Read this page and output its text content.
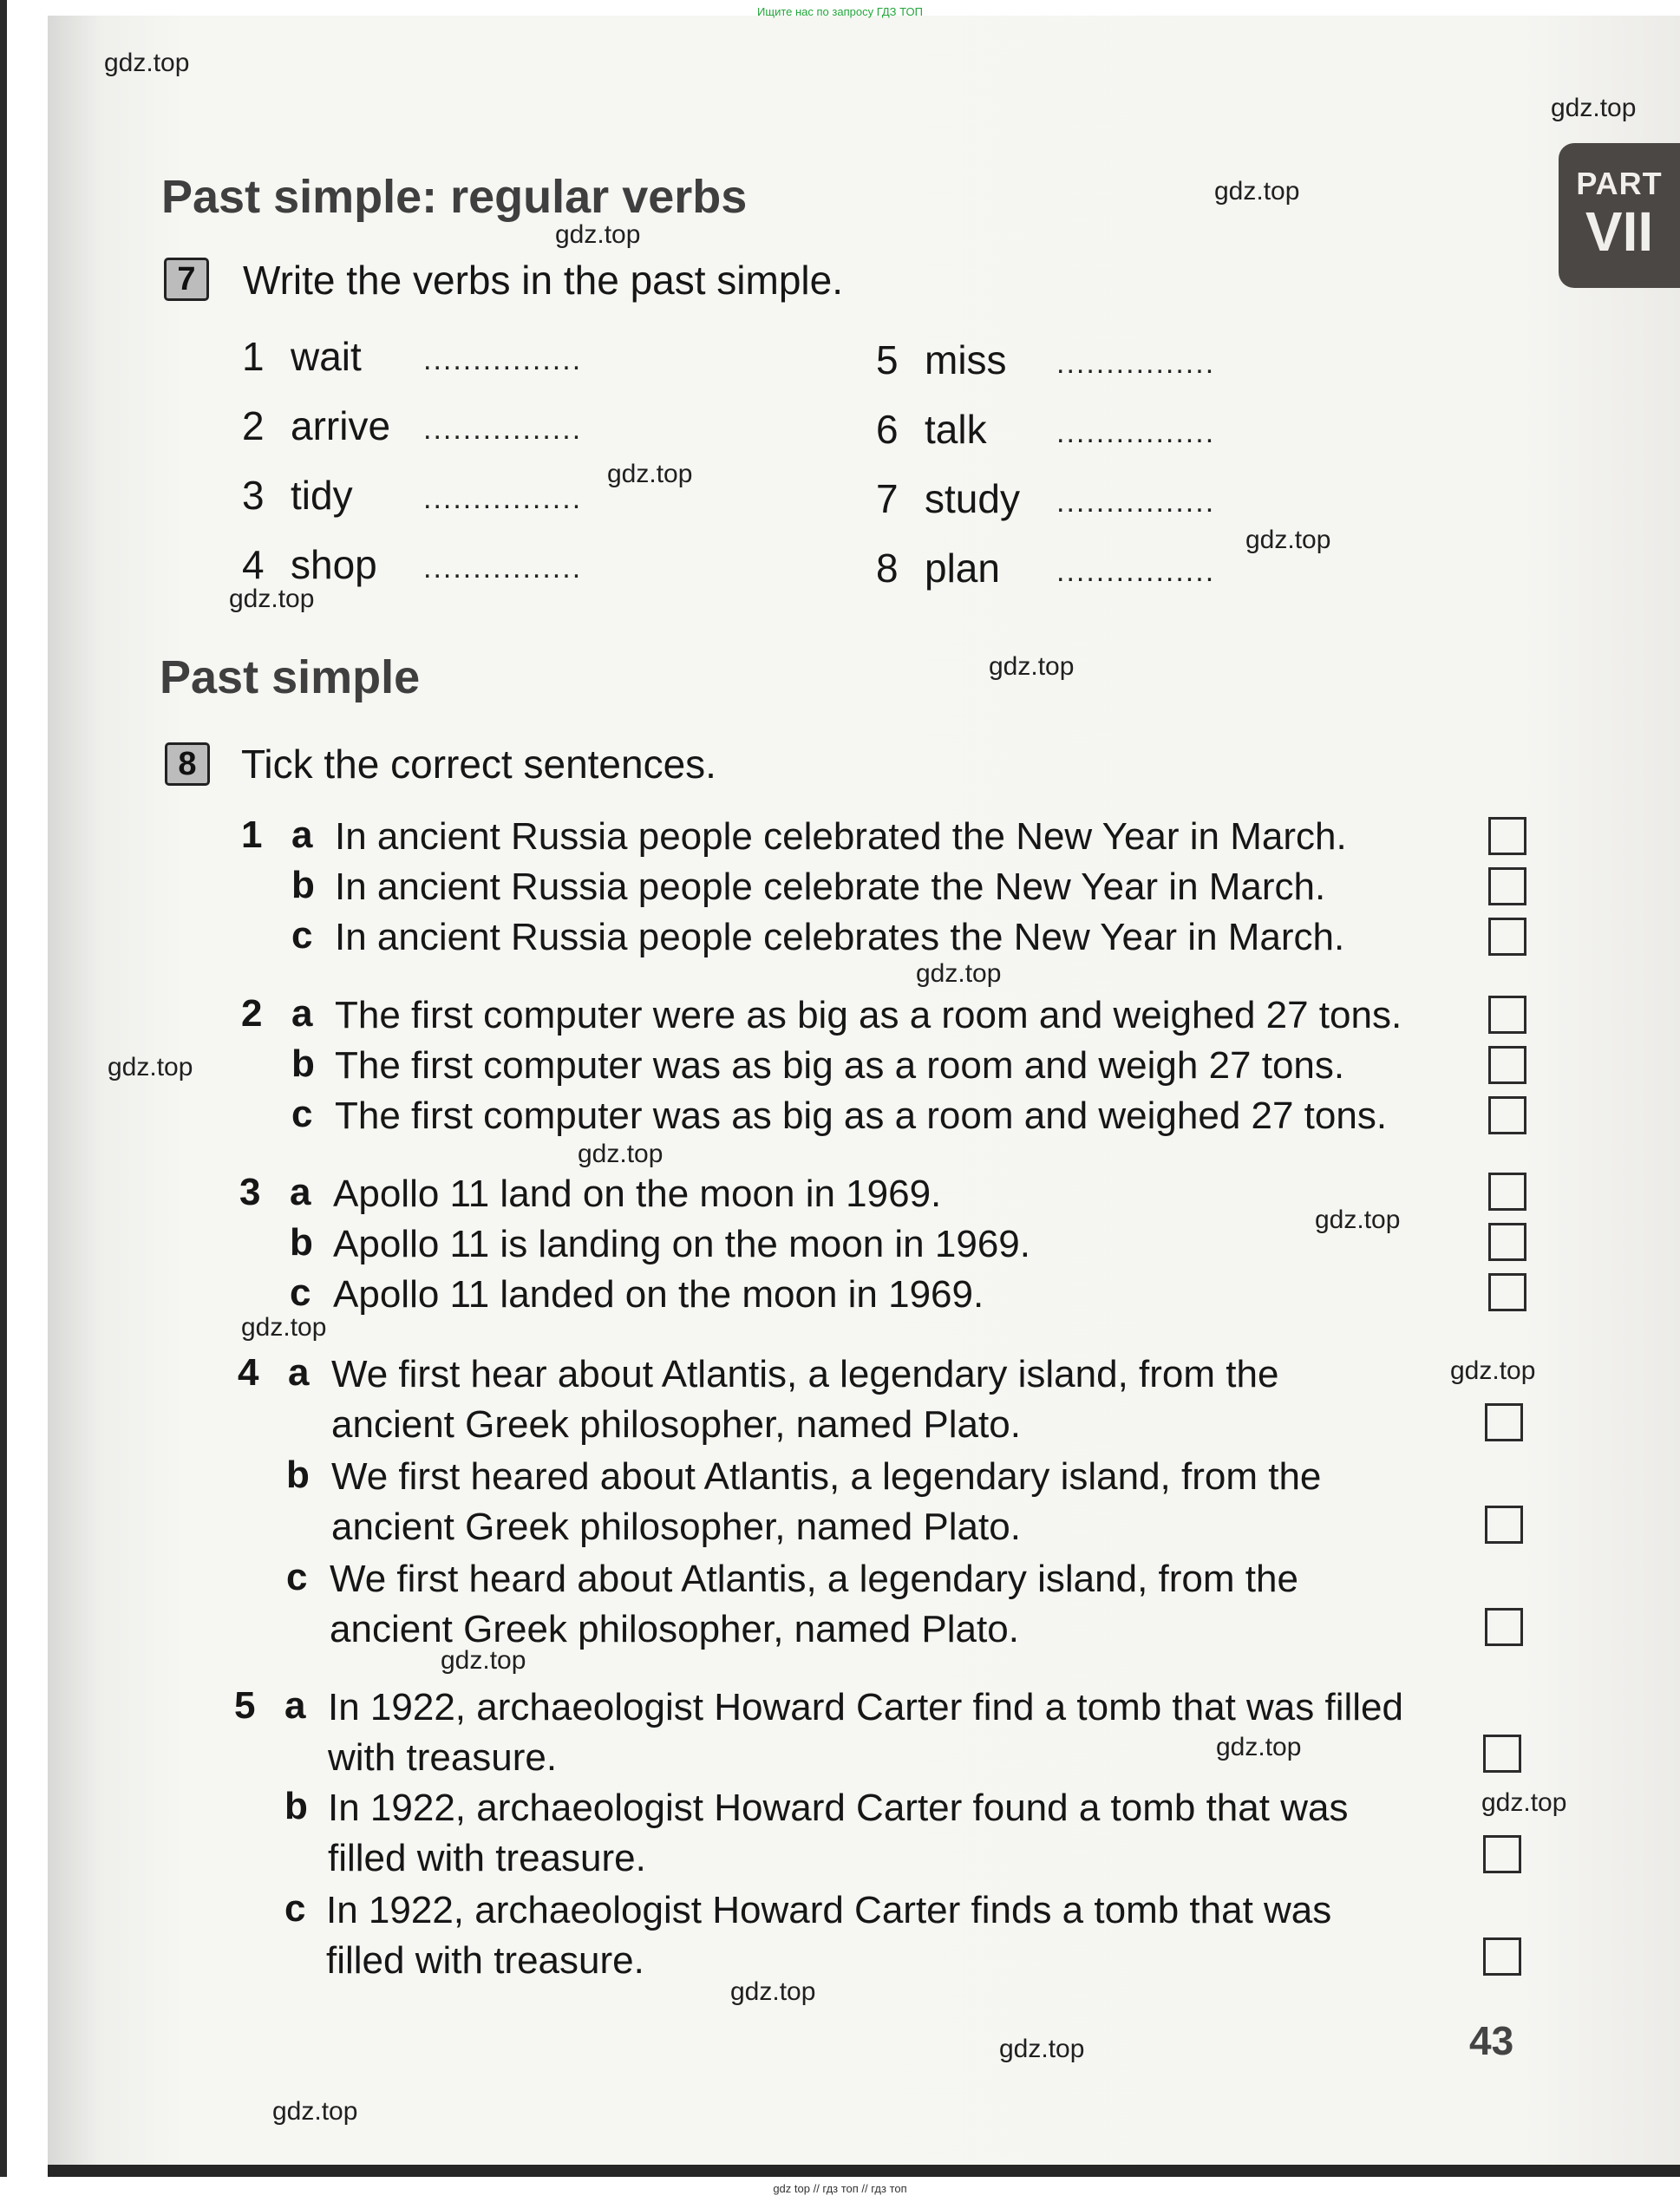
Ищите нас по запросу ГДЗ ТОП
gdz top // гдз топ // гдз топ
PART
VII
Past simple: regular verbs
7	Write the verbs in the past simple.
1 wait ................
2 arrive ................
3 tidy ................
4 shop ................
5 miss ................
6 talk ................
7 study ................
8 plan ................
Past simple
8	Tick the correct sentences.
1 a In ancient Russia people celebrated the New Year in March.
b In ancient Russia people celebrate the New Year in March.
c In ancient Russia people celebrates the New Year in March.
2 a The first computer were as big as a room and weighed 27 tons.
b The first computer was as big as a room and weigh 27 tons.
c The first computer was as big as a room and weighed 27 tons.
3 a Apollo 11 land on the moon in 1969.
b Apollo 11 is landing on the moon in 1969.
c Apollo 11 landed on the moon in 1969.
4 a We first hear about Atlantis, a legendary island, from the ancient Greek philosopher, named Plato.
b We first heared about Atlantis, a legendary island, from the ancient Greek philosopher, named Plato.
c We first heard about Atlantis, a legendary island, from the ancient Greek philosopher, named Plato.
5 a In 1922, archaeologist Howard Carter find a tomb that was filled with treasure.
b In 1922, archaeologist Howard Carter found a tomb that was filled with treasure.
c In 1922, archaeologist Howard Carter finds a tomb that was filled with treasure.
43
gdz.top
gdz.top
gdz.top
gdz.top
gdz.top
gdz.top
gdz.top
gdz.top
gdz.top
gdz.top
gdz.top
gdz.top
gdz.top
gdz.top
gdz.top
gdz.top
gdz.top
gdz.top
gdz.top
gdz.top
